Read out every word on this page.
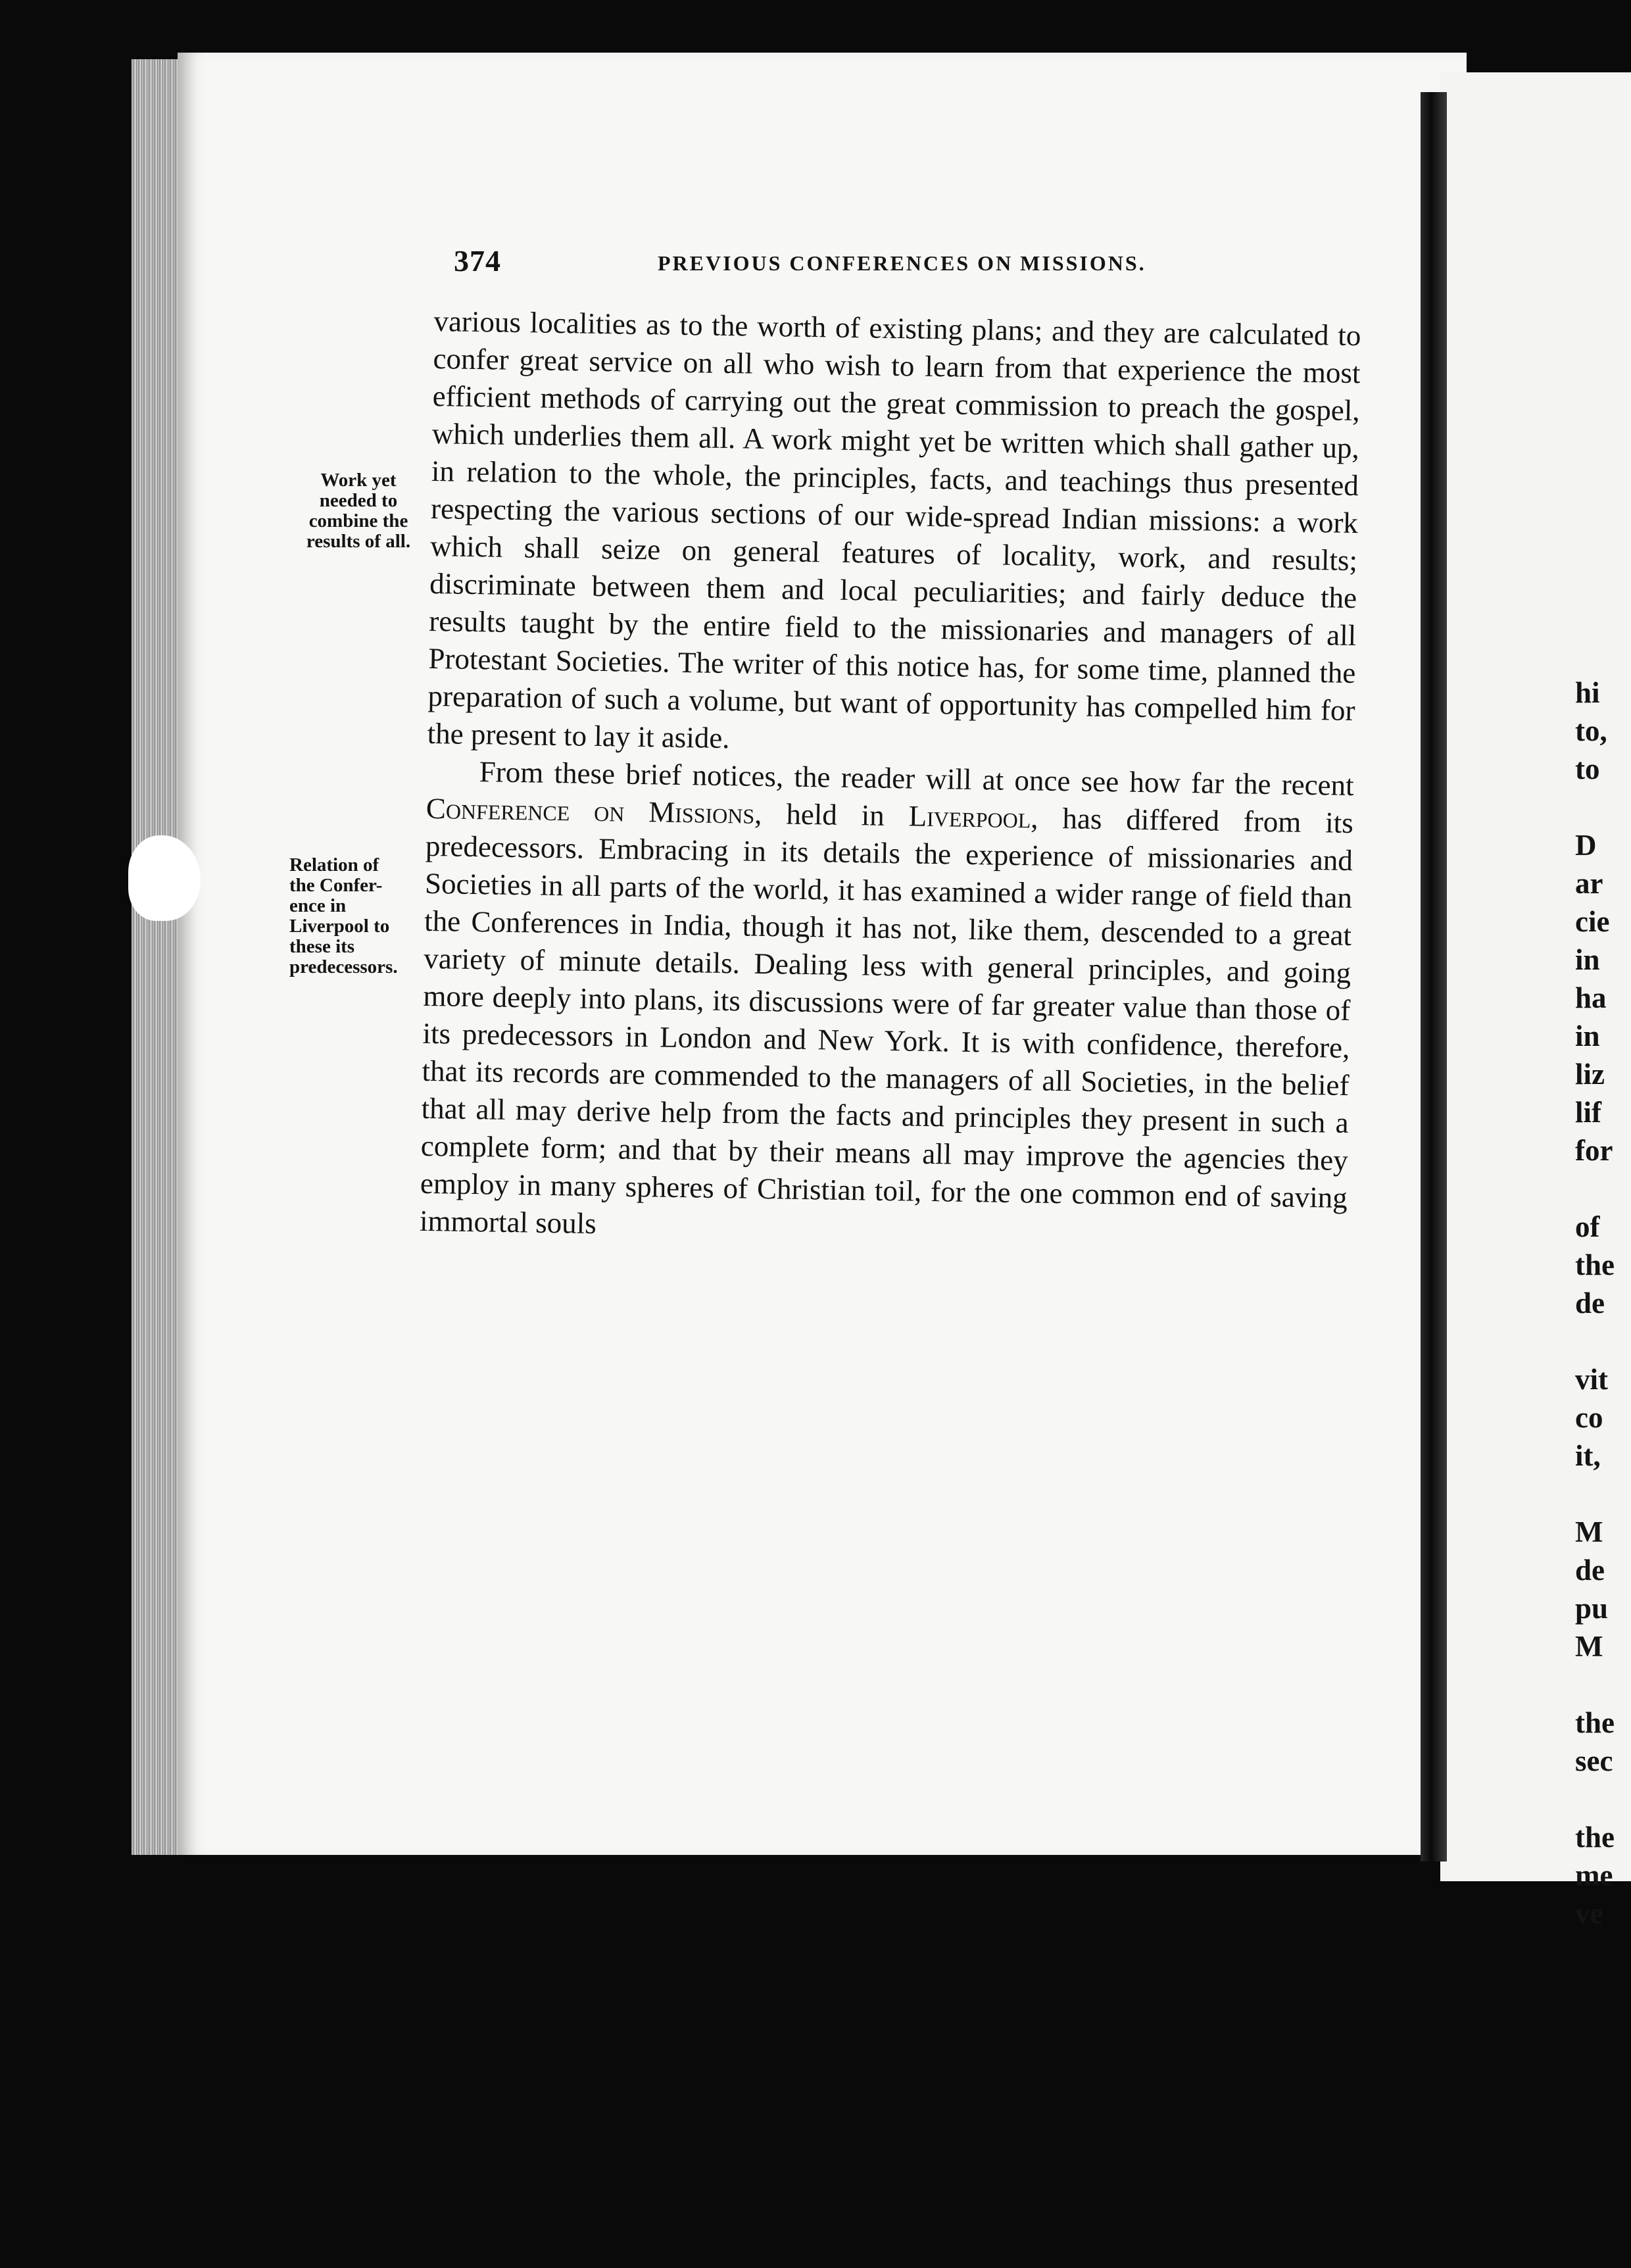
374	PREVIOUS CONFERENCES ON MISSIONS.
Work yet
needed to
combine the
results of all.
Relation of
the Confer-
ence in
Liverpool to
these its
predecessors.

various localities as to the worth of existing plans; and they are calculated to confer great service on all who wish to learn from that experience the most efficient methods of carrying out the great commission to preach the gospel, which underlies them all. A work might yet be written which shall gather up, in relation to the whole, the principles, facts, and teachings thus presented respecting the various sections of our wide-spread Indian missions: a work which shall seize on general features of locality, work, and results; discriminate between them and local peculiarities; and fairly deduce the results taught by the entire field to the missionaries and managers of all Protestant Societies. The writer of this notice has, for some time, planned the preparation of such a volume, but want of opportunity has compelled him for the present to lay it aside.

From these brief notices, the reader will at once see how far the recent Conference on Missions, held in Liverpool, has differed from its predecessors. Embracing in its details the experience of missionaries and Societies in all parts of the world, it has examined a wider range of field than the Conferences in India, though it has not, like them, descended to a great variety of minute details. Dealing less with general principles, and going more deeply into plans, its discussions were of far greater value than those of its predecessors in London and New York. It is with confidence, therefore, that its records are commended to the managers of all Societies, in the belief that all may derive help from the facts and principles they present in such a complete form; and that by their means all may improve the agencies they employ in many spheres of Christian toil, for the one common end of saving immortal souls

hi
to,
to
D
ar
cie
in
ha
in
liz
lif
for
of
the
de
vit
co
it,
M
de
pu
M
the
sec
the
me
ve
